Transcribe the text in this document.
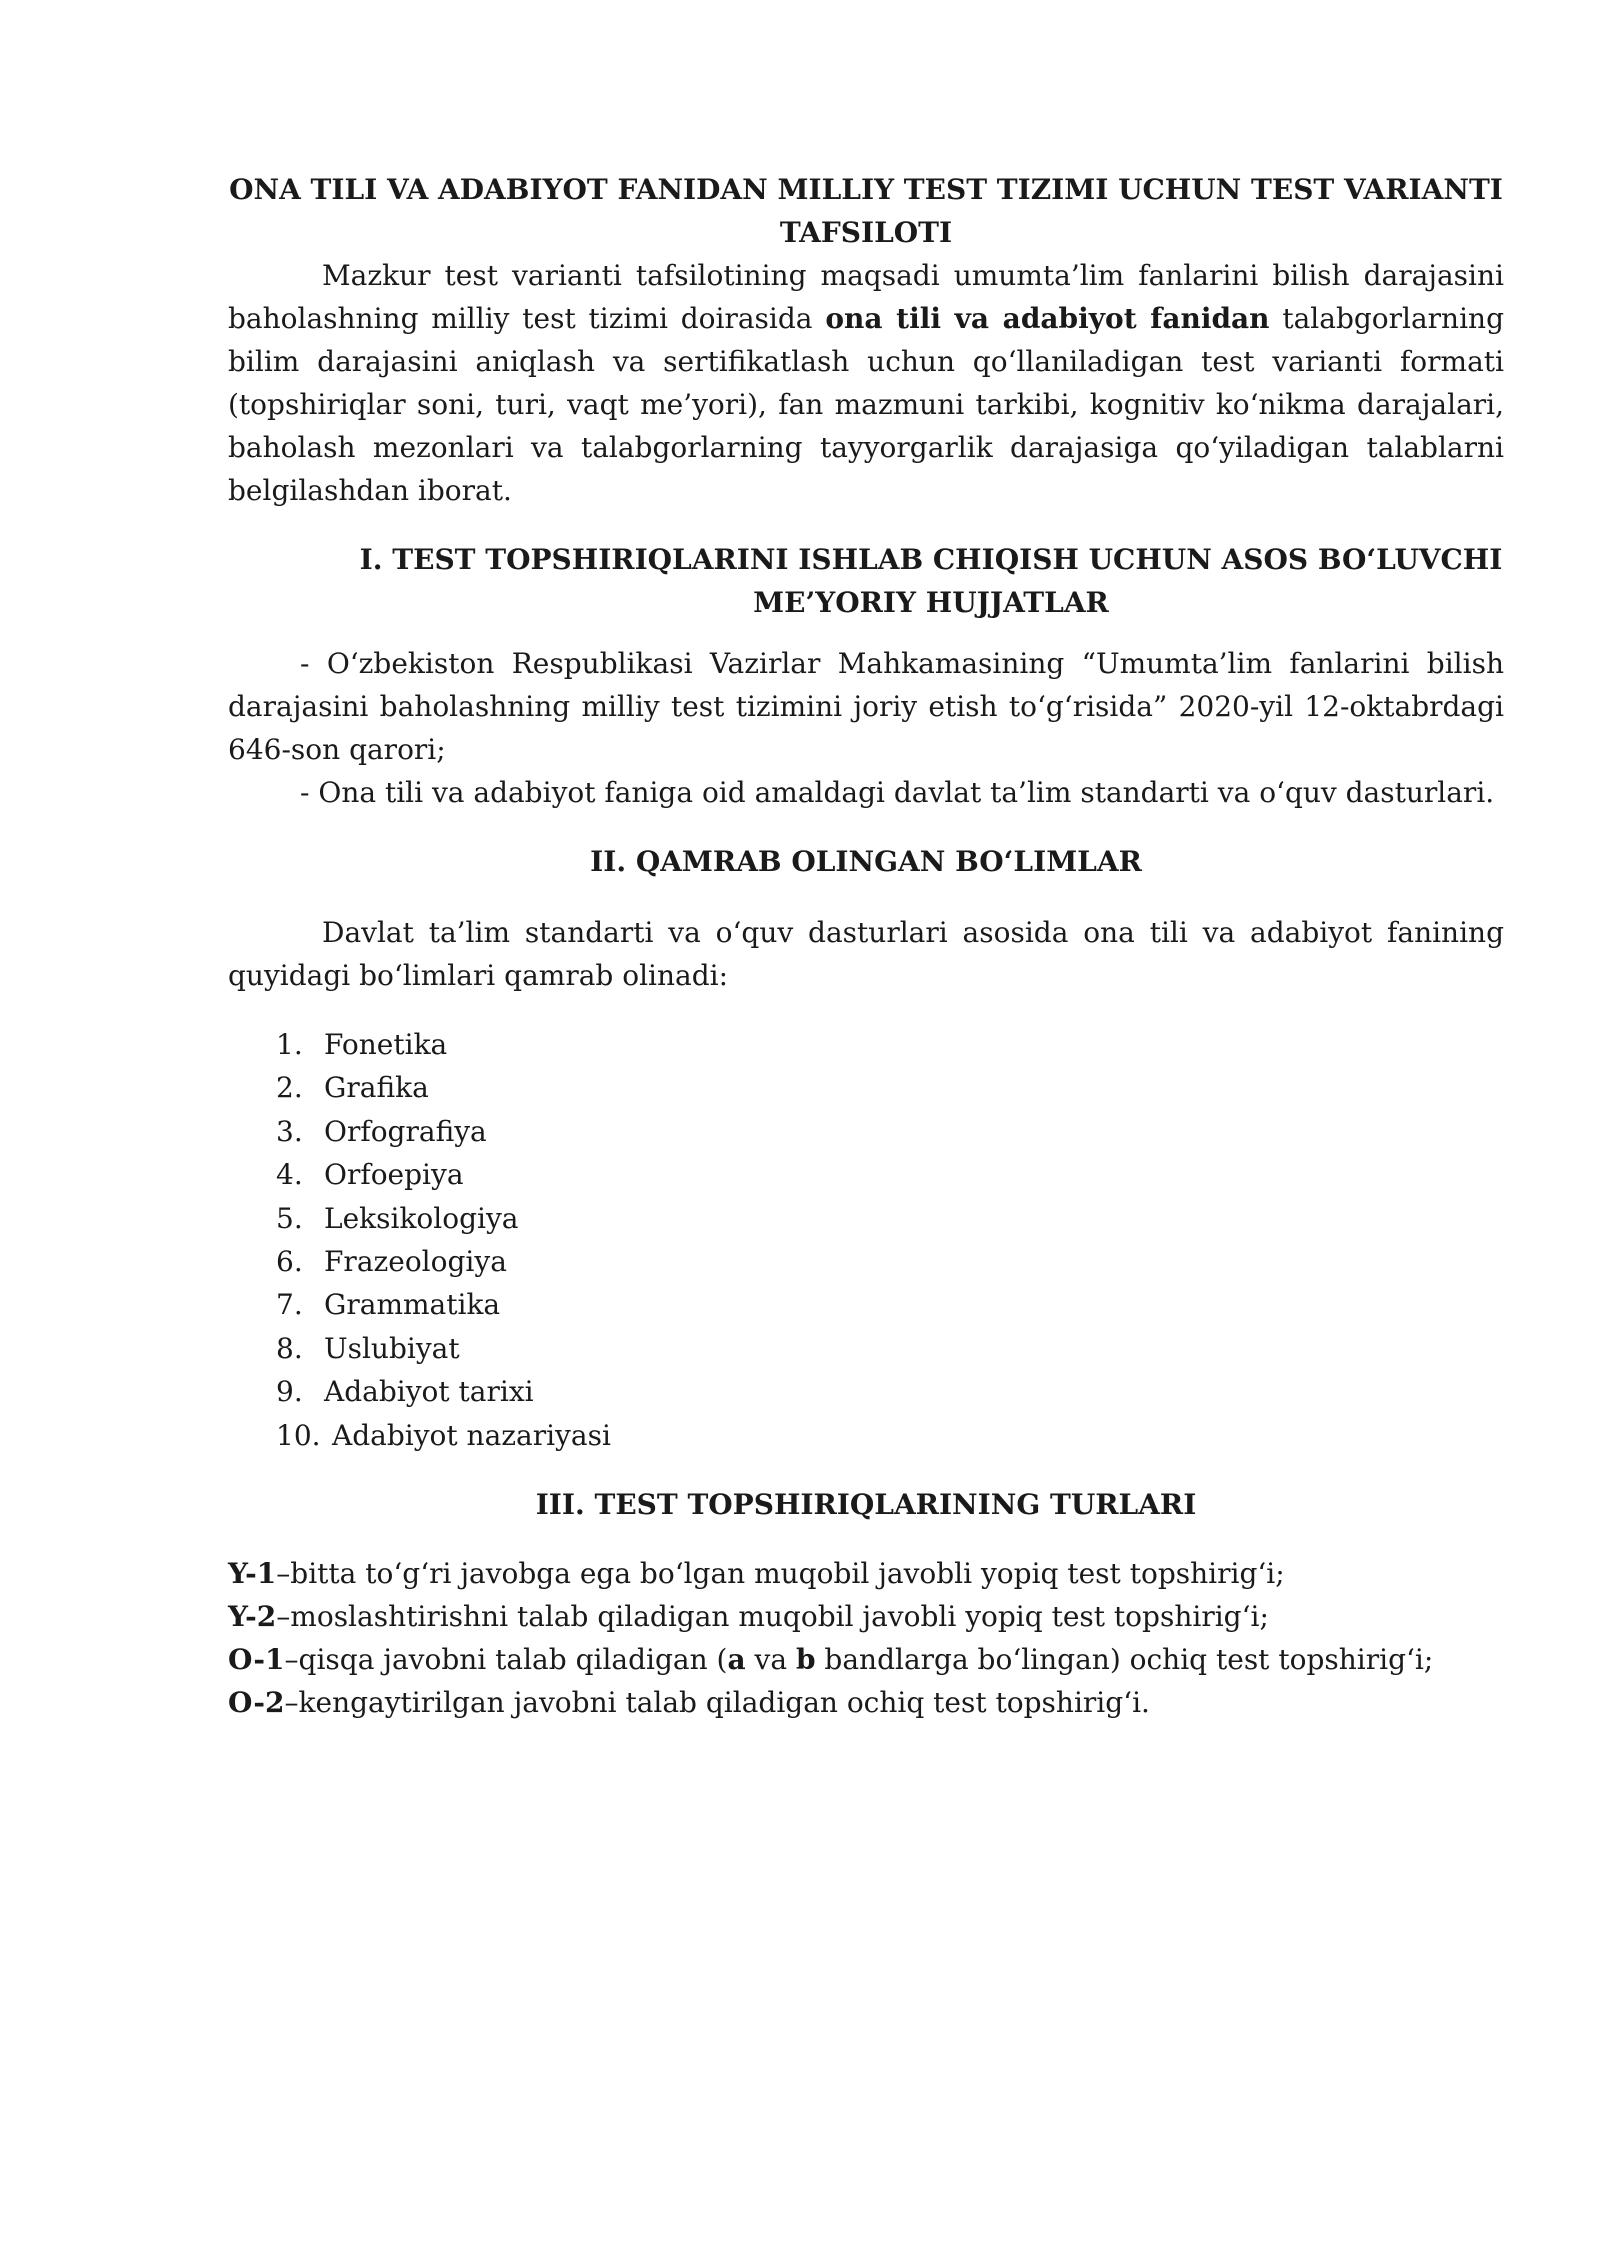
ONA TILI VA ADABIYOT FANIDAN MILLIY TEST TIZIMI UCHUN TEST VARIANTI
TAFSILOTI

Mazkur test varianti tafsilotining maqsadi umumta’lim fanlarini bilish darajasini baholashning milliy test tizimi doirasida ona tili va adabiyot fanidan talabgorlarning bilim darajasini aniqlash va sertifikatlash uchun qo‘llaniladigan test varianti formati (topshiriqlar soni, turi, vaqt me’yori), fan mazmuni tarkibi, kognitiv ko‘nikma darajalari, baholash mezonlari va talabgorlarning tayyorgarlik darajasiga qo‘yiladigan talablarni belgilashdan iborat.

I. TEST TOPSHIRIQLARINI ISHLAB CHIQISH UCHUN ASOS BO‘LUVCHI
ME’YORIY HUJJATLAR

- O‘zbekiston Respublikasi Vazirlar Mahkamasining “Umumta’lim fanlarini bilish darajasini baholashning milliy test tizimini joriy etish to‘g‘risida” 2020-yil 12-oktabrdagi 646-son qarori;

- Ona tili va adabiyot faniga oid amaldagi davlat ta’lim standarti va o‘quv dasturlari.

II. QAMRAB OLINGAN BO‘LIMLAR

Davlat ta’lim standarti va o‘quv dasturlari asosida ona tili va adabiyot fanining quyidagi bo‘limlari qamrab olinadi:

1. Fonetika
2. Grafika
3. Orfografiya
4. Orfoepiya
5. Leksikologiya
6. Frazeologiya
7. Grammatika
8. Uslubiyat
9. Adabiyot tarixi
10. Adabiyot nazariyasi

III. TEST TOPSHIRIQLARINING TURLARI

Y-1–bitta to‘g‘ri javobga ega bo‘lgan muqobil javobli yopiq test topshirig‘i;

Y-2–moslashtirishni talab qiladigan muqobil javobli yopiq test topshirig‘i;

O-1–qisqa javobni talab qiladigan (a va b bandlarga bo‘lingan) ochiq test topshirig‘i;

O-2–kengaytirilgan javobni talab qiladigan ochiq test topshirig‘i.
